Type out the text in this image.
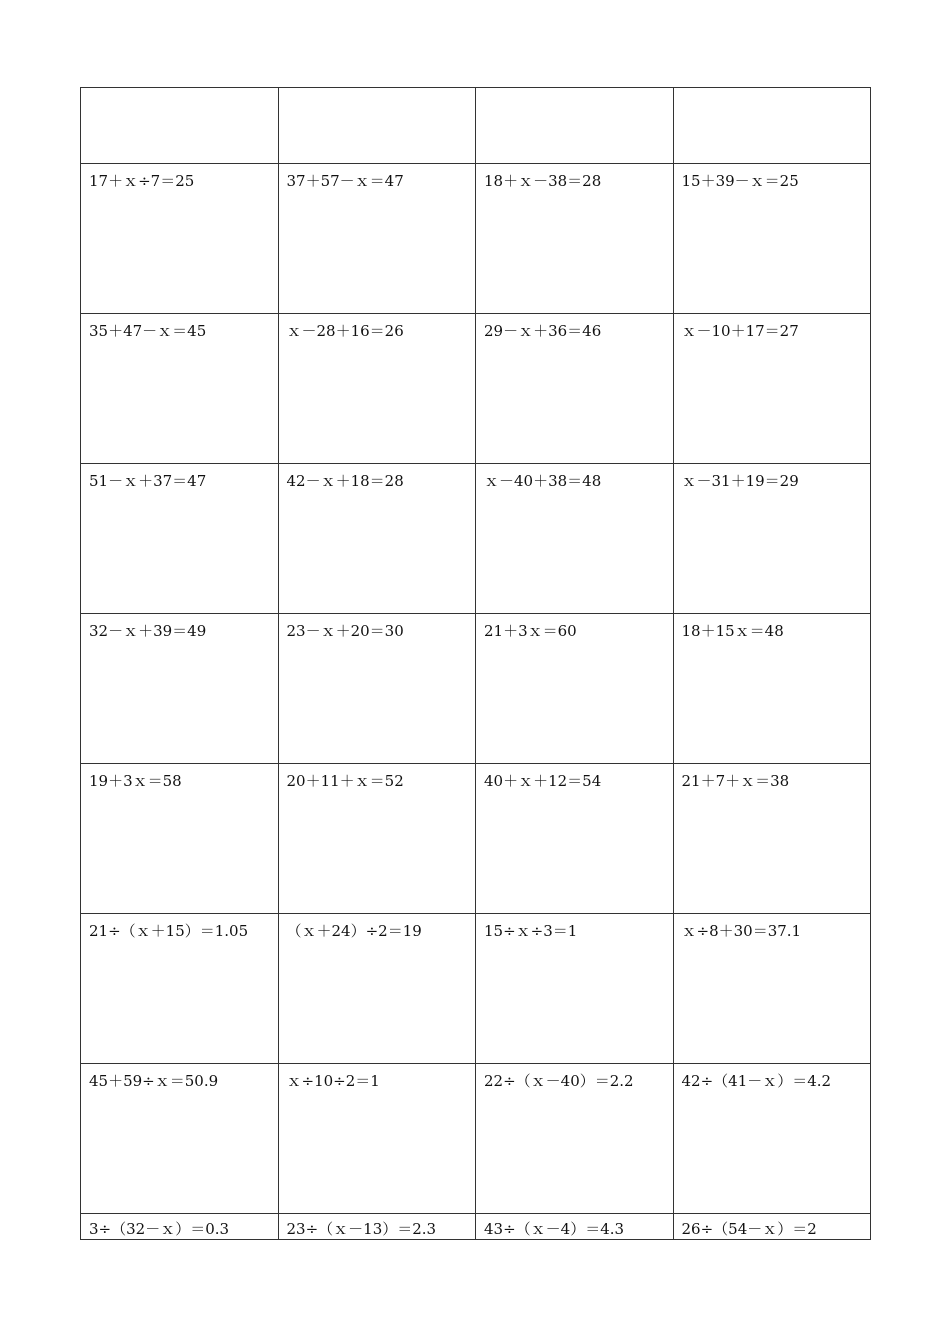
17＋ｘ÷7＝25	37＋57－ｘ＝47	18＋ｘ－38＝28	15＋39－ｘ＝25
35＋47－ｘ＝45	ｘ－28＋16＝26	29－ｘ＋36＝46	ｘ－10＋17＝27
51－ｘ＋37＝47	42－ｘ＋18＝28	ｘ－40＋38＝48	ｘ－31＋19＝29
32－ｘ＋39＝49	23－ｘ＋20＝30	21＋3ｘ＝60	18＋15ｘ＝48
19＋3ｘ＝58	20＋11＋ｘ＝52	40＋ｘ＋12＝54	21＋7＋ｘ＝38
21÷（ｘ＋15）＝1.05	（ｘ＋24）÷2＝19	15÷ｘ÷3＝1	ｘ÷8＋30＝37.1
45＋59÷ｘ＝50.9	ｘ÷10÷2＝1	22÷（ｘ－40）＝2.2	42÷（41－ｘ）＝4.2
3÷（32－ｘ）＝0.3	23÷（ｘ－13）＝2.3	43÷（ｘ－4）＝4.3	26÷（54－ｘ）＝2
